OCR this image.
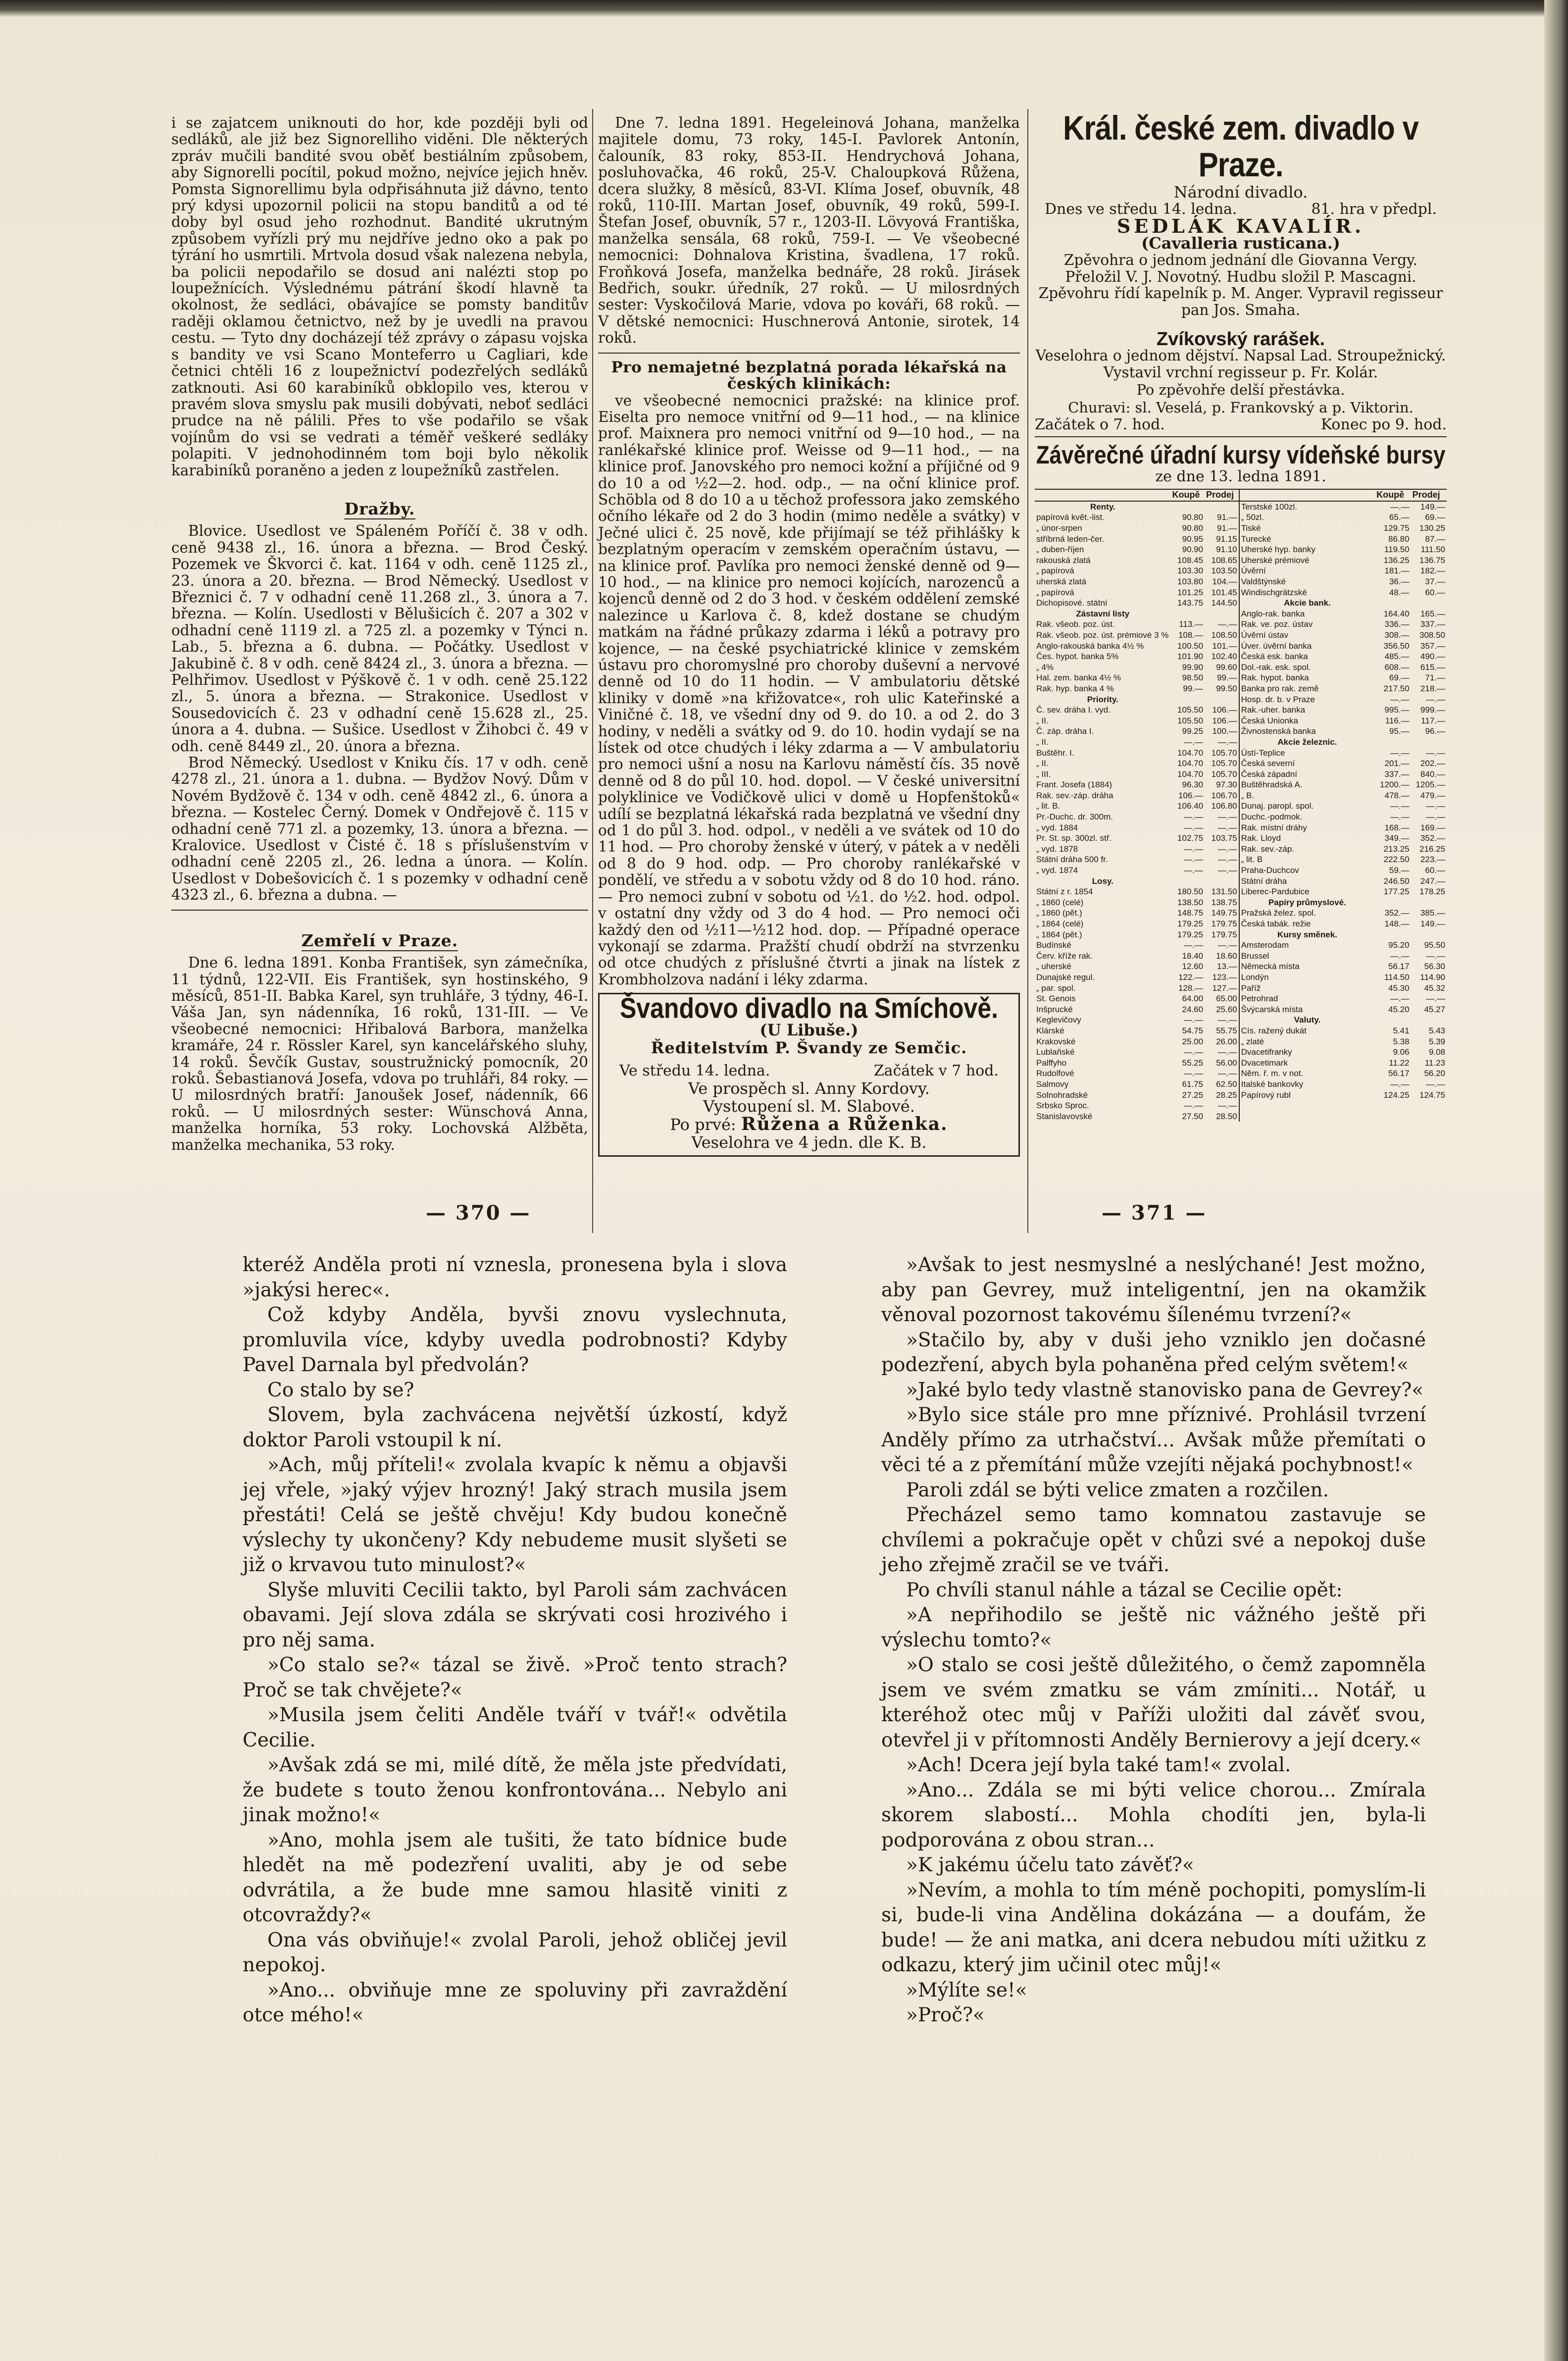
i se zajatcem uniknouti do hor, kde později byli od sedláků, ale již bez Signorelliho viděni. Dle některých zpráv mučili bandité svou oběť bestiálním způsobem, aby Signorelli pocítil, pokud možno, nejvíce jejich hněv. Pomsta Signorellimu byla odpřisáhnuta již dávno, tento prý kdysi upozornil policii na stopu banditů a od té doby byl osud jeho rozhodnut. Bandité ukrutným způsobem vyřízli prý mu nejdříve jedno oko a pak po týrání ho usmrtili. Mrtvola dosud však nalezena nebyla, ba policii nepodařilo se dosud ani nalézti stop po loupežnících. Výslednému pátrání škodí hlavně ta okolnost, že sedláci, obávajíce se pomsty banditův raději oklamou četnictvo, než by je uvedli na pravou cestu. — Tyto dny docházejí též zprávy o zápasu vojska s bandity ve vsi Scano Monteferro u Cagliari, kde četnici chtěli 16 z loupežnictví podezřelých sedláků zatknouti. Asi 60 karabiníků obklopilo ves, kterou v pravém slova smyslu pak musili dobývati, neboť sedláci prudce na ně pálili. Přes to vše podařilo se však vojínům do vsi se vedrati a téměř veškeré sedláky polapiti. V jednohodinném tom boji bylo několik karabiníků poraněno a jeden z loupežníků zastřelen.

Dražby.

Blovice. Usedlost ve Spáleném Poříčí č. 38 v odh. ceně 9438 zl., 16. února a března. — Brod Český. Pozemek ve Škvorci č. kat. 1164 v odh. ceně 1125 zl., 23. února a 20. března. — Brod Německý. Usedlost v Březnici č. 7 v odhadní ceně 11.268 zl., 3. února a 7. března. — Kolín. Usedlosti v Bělušicích č. 207 a 302 v odhadní ceně 1119 zl. a 725 zl. a pozemky v Týnci n. Lab., 5. března a 6. dubna. — Počátky. Usedlost v Jakubině č. 8 v odh. ceně 8424 zl., 3. února a března. — Pelhřimov. Usedlost v Pýškově č. 1 v odh. ceně 25.122 zl., 5. února a března. — Strakonice. Usedlost v Sousedovicích č. 23 v odhadní ceně 15.628 zl., 25. února a 4. dubna. — Sušice. Usedlost v Žihobci č. 49 v odh. ceně 8449 zl., 20. února a března.

Brod Německý. Usedlost v Kniku čís. 17 v odh. ceně 4278 zl., 21. února a 1. dubna. — Bydžov Nový. Dům v Novém Bydžově č. 134 v odh. ceně 4842 zl., 6. února a března. — Kostelec Černý. Domek v Ondřejově č. 115 v odhadní ceně 771 zl. a pozemky, 13. února a března. — Kralovice. Usedlost v Čisté č. 18 s příslušenstvím v odhadní ceně 2205 zl., 26. ledna a února. — Kolín. Usedlost v Dobešovicích č. 1 s pozemky v odhadní ceně 4323 zl., 6. března a dubna. —

Zemřelí v Praze.

Dne 6. ledna 1891. Konba František, syn zámečníka, 11 týdnů, 122-VII. Eis František, syn hostinského, 9 měsíců, 851-II. Babka Karel, syn truhláře, 3 týdny, 46-I. Váša Jan, syn nádenníka, 16 roků, 131-III. — Ve všeobecné nemocnici: Hřibalová Barbora, manželka kramáře, 24 r. Rössler Karel, syn kancelářského sluhy, 14 roků. Ševčík Gustav, soustružnický pomocník, 20 roků. Šebastianová Josefa, vdova po truhláři, 84 roky. — U milosrdných bratří: Janoušek Josef, nádenník, 66 roků. — U milosrdných sester: Wünschová Anna, manželka horníka, 53 roky. Lochovská Alžběta, manželka mechanika, 53 roky.

Dne 7. ledna 1891. Hegeleinová Johana, manželka majitele domu, 73 roky, 145-I. Pavlorek Antonín, čalouník, 83 roky, 853-II. Hendrychová Johana, posluhovačka, 46 roků, 25-V. Chaloupková Růžena, dcera služky, 8 měsíců, 83-VI. Klíma Josef, obuvník, 48 roků, 110-III. Martan Josef, obuvník, 49 roků, 599-I. Štefan Josef, obuvník, 57 r., 1203-II. Lövyová Františka, manželka sensála, 68 roků, 759-I. — Ve všeobecné nemocnici: Dohnalova Kristina, švadlena, 17 roků. Froňková Josefa, manželka bednáře, 28 roků. Jirásek Bedřich, soukr. úředník, 27 roků. — U milosrdných sester: Vyskočilová Marie, vdova po kováři, 68 roků. — V dětské nemocnici: Huschnerová Antonie, sirotek, 14 roků.

Pro nemajetné bezplatná porada lékařská na českých klinikách:

ve všeobecné nemocnici pražské: na klinice prof. Eiselta pro nemoce vnitřní od 9—11 hod., — na klinice prof. Maixnera pro nemoci vnitřní od 9—10 hod., — na ranlékařské klinice prof. Weisse od 9—11 hod., — na klinice prof. Janovského pro nemoci kožní a příjičné od 9 do 10 a od ½2—2. hod. odp., — na oční klinice prof. Schöbla od 8 do 10 a u těchož professora jako zemského očního lékaře od 2 do 3 hodin (mimo neděle a svátky) v Ječné ulici č. 25 nově, kde přijímají se též přihlášky k bezplatným operacím v zemském operačním ústavu, — na klinice prof. Pavlíka pro nemoci ženské denně od 9—10 hod., — na klinice pro nemoci kojících, narozenců a kojenců denně od 2 do 3 hod. v českém oddělení zemské nalezince u Karlova č. 8, kdež dostane se chudým matkám na řádné průkazy zdarma i léků a potravy pro kojence, — na české psychiatrické klinice v zemském ústavu pro choromyslné pro choroby duševní a nervové denně od 10 do 11 hodin. — V ambulatoriu dětské kliniky v domě »na křižovatce«, roh ulic Kateřinské a Viničné č. 18, ve všední dny od 9. do 10. a od 2. do 3 hodiny, v neděli a svátky od 9. do 10. hodin vydají se na lístek od otce chudých i léky zdarma a — V ambulatoriu pro nemoci ušní a nosu na Karlovu náměstí čís. 35 nově denně od 8 do půl 10. hod. dopol. — V české universitní polyklinice ve Vodičkově ulici v domě u Hopfenštoků« udílí se bezplatná lékařská rada bezplatná ve všední dny od 1 do půl 3. hod. odpol., v neděli a ve svátek od 10 do 11 hod. — Pro choroby ženské v úterý, v pátek a v neděli od 8 do 9 hod. odp. — Pro choroby ranlékařské v pondělí, ve středu a v sobotu vždy od 8 do 10 hod. ráno. — Pro nemoci zubní v sobotu od ½1. do ½2. hod. odpol. v ostatní dny vždy od 3 do 4 hod. — Pro nemoci oči každý den od ½11—½12 hod. dop. — Případné operace vykonají se zdarma. Pražští chudí obdrží na stvrzenku od otce chudých z příslušné čtvrti a jinak na lístek z Krombholzova nadání i léky zdarma.

Švandovo divadlo na Smíchově.
(U Libuše.)
Ředitelstvím P. Švandy ze Semčic.
Ve středu 14. ledna.	Začátek v 7 hod.
Ve prospěch sl. Anny Kordovy.
Vystoupení sl. M. Slabové.
Po prvé: Růžena a Růženka.
Veselohra ve 4 jedn. dle K. B.
Král. české zem. divadlo v Praze.
Národní divadlo.
Dnes ve středu 14. ledna.	81. hra v předpl.
SEDLÁK KAVALÍR.
(Cavalleria rusticana.)

Zpěvohra o jednom jednání dle Giovanna Vergy. Přeložil V. J. Novotný. Hudbu složil P. Mascagni. Zpěvohru řídí kapelník p. M. Anger. Vypravil regisseur pan Jos. Smaha.

Zvíkovský rarášek.

Veselohra o jednom dějství. Napsal Lad. Stroupežnický. Vystavil vrchní regisseur p. Fr. Kolár.

Po zpěvohře delší přestávka.
Churavi: sl. Veselá, p. Frankovský a p. Viktorin.
Začátek o 7. hod.	Konec po 9. hod.
Závěrečné úřadní kursy vídeňské bursy
ze dne 13. ledna 1891.
	Koupě	Prodej		Koupě	Prodej
Renty.			Terstské 100zl.	—.—	149.—
papírová květ.-list.	90.80	91.—	„ 50zl.	65.—	69.—
„ únor-srpen	90.80	91.—	Tiské	129.75	130.25
stříbrná leden-čer.	90.95	91.15	Turecké	86.80	87.—
„ duben-říjen	90.90	91.10	Uherské hyp. banky	119.50	111.50
rakouská zlatá	108.45	108.65	Uherské prémiové	136.25	136.75
„ papírová	103.30	103.50	Úvěrní	181.—	182.—
uherská zlatá	103.80	104.—	Valdštýnské	36.—	37.—
„ papírová	101.25	101.45	Windischgrätzské	48.—	60.—
Dichopisové. státní	143.75	144.50	Akcie bank.		
Zástavní listy			Anglo-rak. banka	164.40	165.—
Rak. všeob. poz. úst.	113.—	—.—	Rak. ve. poz. ústav	336.—	337.—
Rak. všeob. poz. úst. prémiové 3 %	108.—	108.50	Úvěrní ústav	308.—	308.50
Anglo-rakouská banka 4½ %	100.50	101.—	Úver. úvěrní banka	356.50	357.—
Čes. hypot. banka 5%	101.90	102.40	Česká esk. banka	485.—	490.—
„ 4%	99.90	99.60	Dol.-rak. esk. spol.	608.—	615.—
Hal. zem. banka 4½ %	98.50	99.—	Rak. hypot. banka	69.—	71.—
Rak. hyp. banka 4 %	99.—	99.50	Banka pro rak. země	217.50	218.—
Priority.			Hosp. dr. b. v Praze	—.—	—.—
Č. sev. dráha I. vyd.	105.50	106.—	Rak.-uher. banka	995.—	999.—
„ II.	105.50	106.—	Česká Unionka	116.—	117.—
Č. záp. dráha I.	99.25	100.—	Živnostenská banka	95.—	96.—
„ II.	—.—	—.—	Akcie železnic.		
Buštěhr. I.	104.70	105.70	Ústí-Teplice	—.—	—.—
„ II.	104.70	105.70	Česká severní	201.—	202.—
„ III.	104.70	105.70	Česká západní	337.—	840.—
Frant. Josefa (1884)	96.30	97.30	Buštěhradská A.	1200.—	1205.—
Rak. sev.-záp. dráha	106.—	106.70	„ B.	478.—	479.—
„ lit. B.	106.40	106.80	Dunaj. paropl. spol.	—.—	—.—
Pr.-Duchc. dr. 300m.	—.—	—.—	Duchc.-podmok.	—.—	—.—
„ vyd. 1884	—.—	—.—	Rak. místní dráhy	168.—	169.—
Pr. St. sp. 300zl. stř.	102.75	103.75	Rak. Lloyd	349.—	352.—
„ vyd. 1878	—.—	—.—	Rak. sev.-záp.	213.25	216.25
Státní dráha 500 fr.	—.—	—.—	„ lit. B	222.50	223.—
„ vyd. 1874	—.—	—.—	Praha-Duchcov	59.—	60.—
Losy.			Státní dráha	246.50	247.—
Státní z r. 1854	180.50	131.50	Liberec-Pardubice	177.25	178.25
„ 1860 (celé)	138.50	138.75	Papíry průmyslové.		
„ 1860 (pět.)	148.75	149.75	Pražská želez. spol.	352.—	385.—
„ 1864 (celé)	179.25	179.75	Česká tabák. režie	148.—	149.—
„ 1864 (pět.)	179.25	179.75	Kursy směnek.		
Budínské	—.—	—.—	Amsterodam	95.20	95.50
Červ. kříže rak.	18.40	18.60	Brussel	—.—	—.—
„ uherské	12.60	13.—	Německá místa	56.17	56.30
Dunajské regul.	122.—	123.—	Londýn	114.50	114.90
„ par. spol.	128.—	127.—	Paříž	45.30	45.32
St. Genois	64.00	65.00	Petrohrad	—.—	—.—
Inšprucké	24.60	25.60	Švýcarská místa	45.20	45.27
Keglevičovy	—.—	—.—	Valuty.		
Klárské	54.75	55.75	Cís. ražený dukát	5.41	5.43
Krakovské	25.00	26.00	„ zlaté	5.38	5.39
Lublaňské	—.—	—.—	Dvacetifranky	9.06	9.08
Palffyho	55.25	56.00	Dvacetimark	11.22	11.23
Rudolfové	—.—	—.—	Něm. ř. m. v not.	56.17	56.20
Salmovy	61.75	62.50	Italské bankovky	—.—	—.—
Solnohradské	27.25	28.25	Papírový rubl	124.25	124.75
Srbsko Sproc.	—.—	—.—			
Stanislavovské	27.50	28.50			
— 370 —	— 371 —

kteréž Anděla proti ní vznesla, pronesena byla i slova »jakýsi herec«.

Což kdyby Anděla, byvši znovu vyslechnuta, promluvila více, kdyby uvedla podrobnosti? Kdyby Pavel Darnala byl předvolán?

Co stalo by se?

Slovem, byla zachvácena největší úzkostí, když doktor Paroli vstoupil k ní.

»Ach, můj příteli!« zvolala kvapíc k němu a objavši jej vřele, »jaký výjev hrozný! Jaký strach musila jsem přestáti! Celá se ještě chvěju! Kdy budou konečně výslechy ty ukončeny? Kdy nebudeme musit slyšeti se již o krvavou tuto minulost?«

Slyše mluviti Cecilii takto, byl Paroli sám zachvácen obavami. Její slova zdála se skrývati cosi hrozivého i pro něj sama.

»Co stalo se?« tázal se živě. »Proč tento strach? Proč se tak chvějete?«

»Musila jsem čeliti Anděle tváří v tvář!« odvětila Cecilie.

»Avšak zdá se mi, milé dítě, že měla jste předvídati, že budete s touto ženou konfrontována... Nebylo ani jinak možno!«

»Ano, mohla jsem ale tušiti, že tato bídnice bude hledět na mě podezření uvaliti, aby je od sebe odvrátila, a že bude mne samou hlasitě viniti z otcovraždy?«

Ona vás obviňuje!« zvolal Paroli, jehož obličej jevil nepokoj.

»Ano... obviňuje mne ze spoluviny při zavraždění otce mého!«

»Avšak to jest nesmyslné a neslýchané! Jest možno, aby pan Gevrey, muž inteligentní, jen na okamžik věnoval pozornost takovému šílenému tvrzení?«

»Stačilo by, aby v duši jeho vzniklo jen dočasné podezření, abych byla pohaněna před celým světem!«

»Jaké bylo tedy vlastně stanovisko pana de Gevrey?«

»Bylo sice stále pro mne příznivé. Prohlásil tvrzení Anděly přímo za utrhačství... Avšak může přemítati o věci té a z přemítání může vzejíti nějaká pochybnost!«

Paroli zdál se býti velice zmaten a rozčilen.

Přecházel semo tamo komnatou zastavuje se chvílemi a pokračuje opět v chůzi své a nepokoj duše jeho zřejmě zračil se ve tváři.

Po chvíli stanul náhle a tázal se Cecilie opět:

»A nepřihodilo se ještě nic vážného ještě při výslechu tomto?«

»O stalo se cosi ještě důležitého, o čemž zapomněla jsem ve svém zmatku se vám zmíniti... Notář, u kteréhož otec můj v Paříži uložiti dal závěť svou, otevřel ji v přítomnosti Anděly Bernierovy a její dcery.«

»Ach! Dcera její byla také tam!« zvolal.

»Ano... Zdála se mi býti velice chorou... Zmírala skorem slabostí... Mohla chodíti jen, byla-li podporována z obou stran...

»K jakému účelu tato závěť?«

»Nevím, a mohla to tím méně pochopiti, pomyslím-li si, bude-li vina Andělina dokázána — a doufám, že bude! — že ani matka, ani dcera nebudou míti užitku z odkazu, který jim učinil otec můj!«

»Mýlíte se!«

»Proč?«
